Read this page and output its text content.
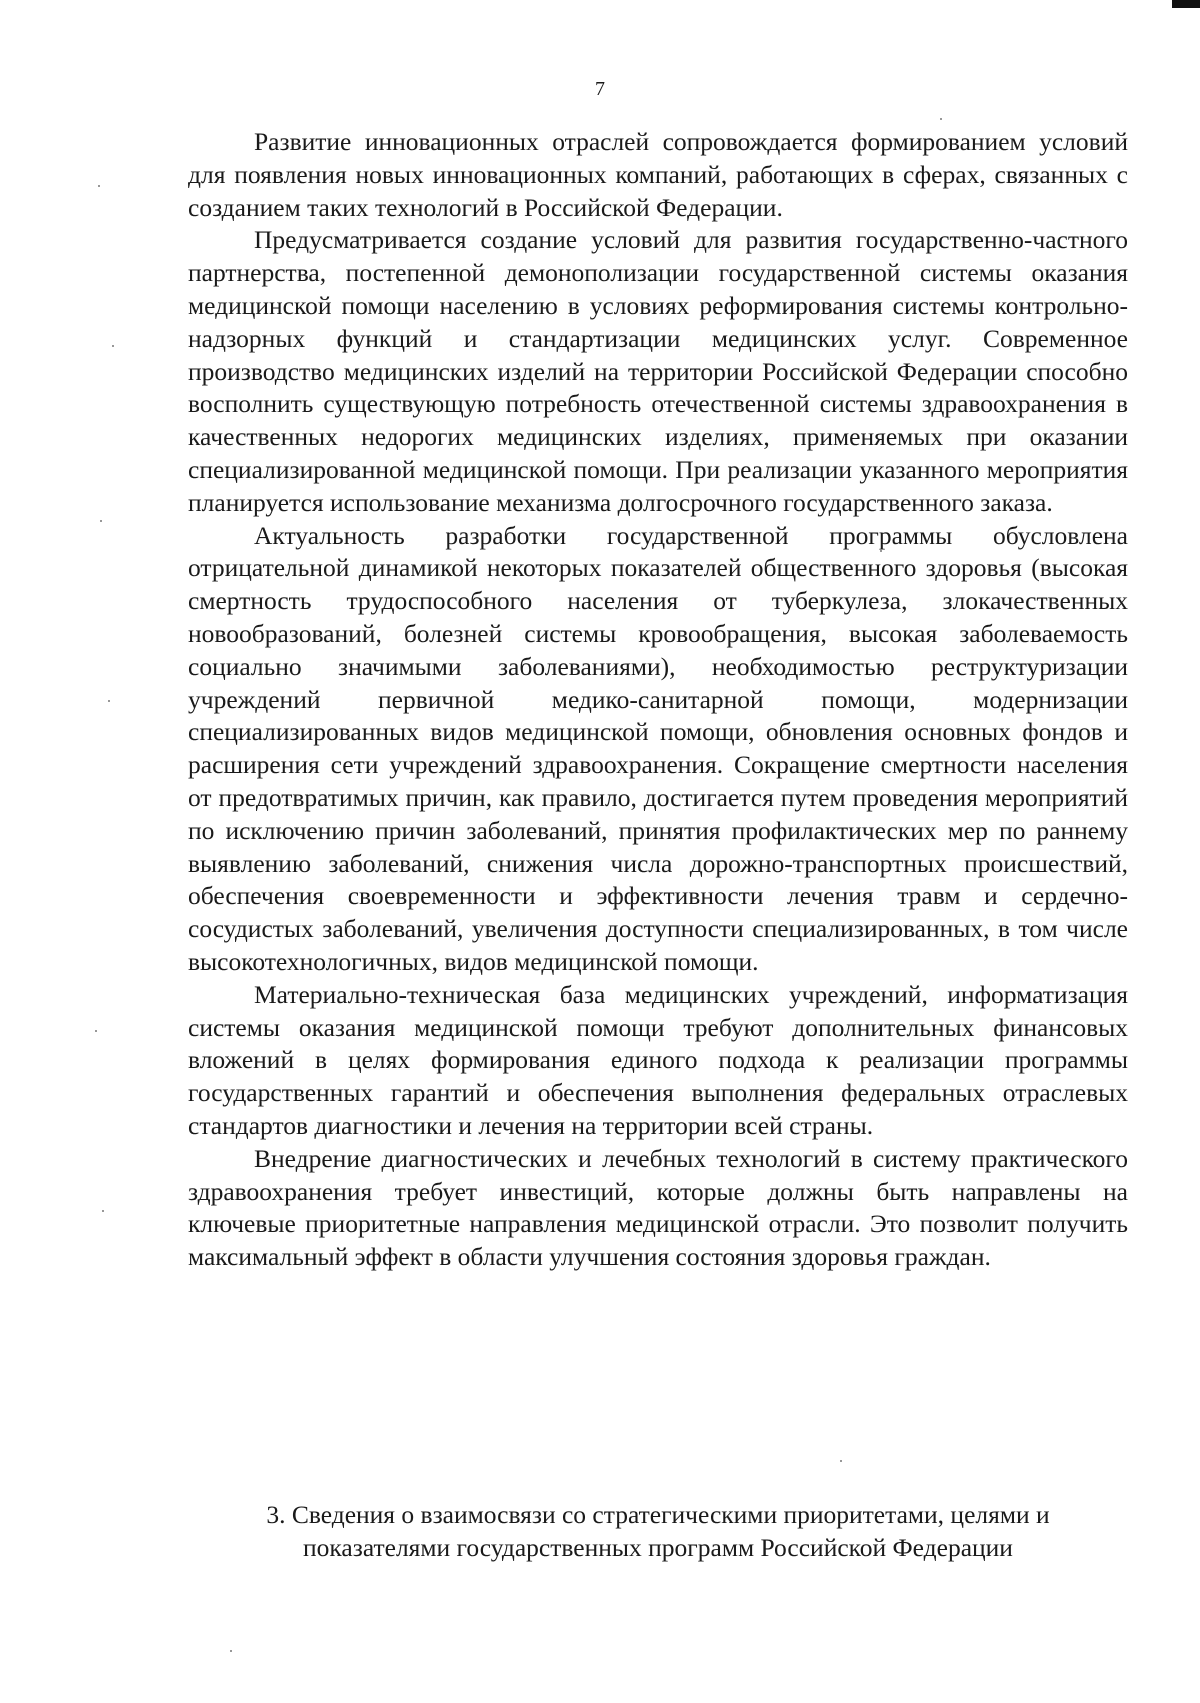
7

Развитие инновационных отраслей сопровождается формированием условий для появления новых инновационных компаний, работающих в сферах, связанных с созданием таких технологий в Российской Федерации.

Предусматривается создание условий для развития государственно-частного партнерства, постепенной демонополизации государственной системы оказания медицинской помощи населению в условиях реформирования системы контрольно-надзорных функций и стандартизации медицинских услуг. Современное производство медицинских изделий на территории Российской Федерации способно восполнить существующую потребность отечественной системы здравоохранения в качественных недорогих медицинских изделиях, применяемых при оказании специализированной медицинской помощи. При реализации указанного мероприятия планируется использование механизма долгосрочного государственного заказа.

Актуальность разработки государственной программы обусловлена отрицательной динамикой некоторых показателей общественного здоровья (высокая смертность трудоспособного населения от туберкулеза, злокачественных новообразований, болезней системы кровообращения, высокая заболеваемость социально значимыми заболеваниями), необходимостью реструктуризации учреждений первичной медико-санитарной помощи, модернизации специализированных видов медицинской помощи, обновления основных фондов и расширения сети учреждений здравоохранения. Сокращение смертности населения от предотвратимых причин, как правило, достигается путем проведения мероприятий по исключению причин заболеваний, принятия профилактических мер по раннему выявлению заболеваний, снижения числа дорожно-транспортных происшествий, обеспечения своевременности и эффективности лечения травм и сердечно-сосудистых заболеваний, увеличения доступности специализированных, в том числе высокотехнологичных, видов медицинской помощи.

Материально-техническая база медицинских учреждений, информатизация системы оказания медицинской помощи требуют дополнительных финансовых вложений в целях формирования единого подхода к реализации программы государственных гарантий и обеспечения выполнения федеральных отраслевых стандартов диагностики и лечения на территории всей страны.

Внедрение диагностических и лечебных технологий в систему практического здравоохранения требует инвестиций, которые должны быть направлены на ключевые приоритетные направления медицинской отрасли. Это позволит получить максимальный эффект в области улучшения состояния здоровья граждан.

3. Сведения о взаимосвязи со стратегическими приоритетами, целями и
показателями государственных программ Российской Федерации
